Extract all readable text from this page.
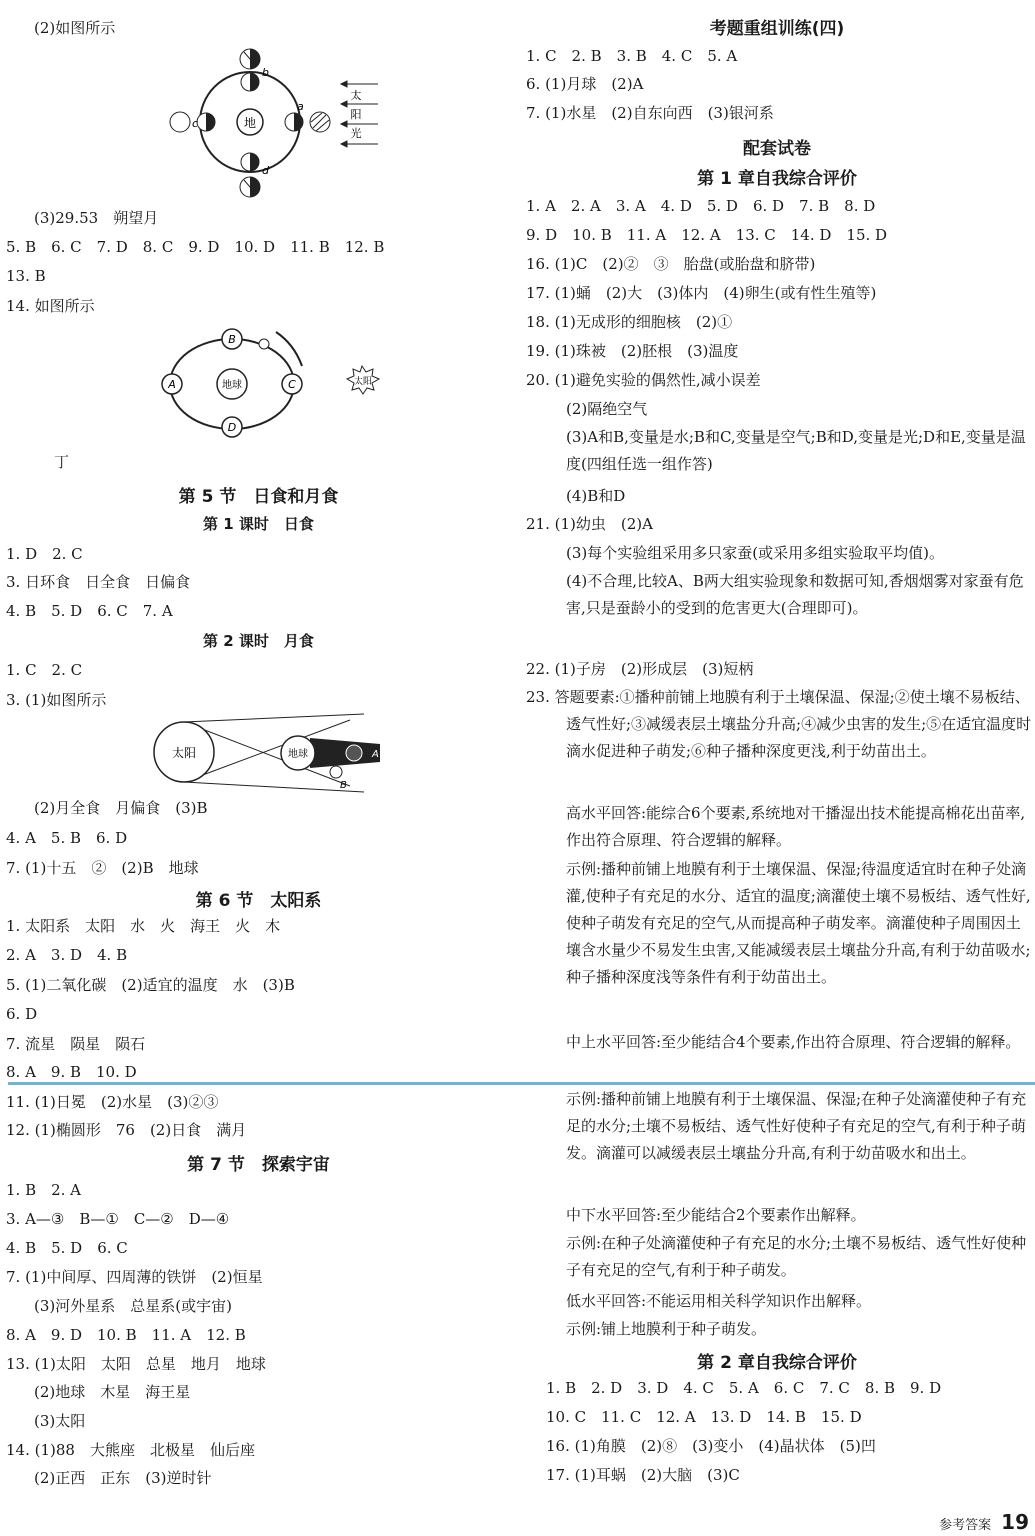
地
b
a
c
d
太
阳
光
地球
B
A	C
D
太阳
太阳	地球	A
B
第 5 节　日食和月食
第 1 课时　日食
第 2 课时　月食
第 6 节　太阳系
第 7 节　探索宇宙
(2)如图所示
(3)29.53　朔望月
5. B　6. C　7. D　8. C　9. D　10. D　11. B　12. B
13. B
14. 如图所示
丁
1. D　2. C
3. 日环食　日全食　日偏食
4. B　5. D　6. C　7. A
1. C　2. C
3. (1)如图所示
(2)月全食　月偏食　(3)B
4. A　5. B　6. D
7. (1)十五　②　(2)B　地球
1. 太阳系　太阳　水　火　海王　火　木
2. A　3. D　4. B
5. (1)二氧化碳　(2)适宜的温度　水　(3)B
6. D
7. 流星　陨星　陨石
8. A　9. B　10. D
11. (1)日冕　(2)水星　(3)②③
12. (1)椭圆形　76　(2)日食　满月
1. B　2. A
3. A—③　B—①　C—②　D—④
4. B　5. D　6. C
7. (1)中间厚、四周薄的铁饼　(2)恒星
(3)河外星系　总星系(或宇宙)
8. A　9. D　10. B　11. A　12. B
13. (1)太阳　太阳　总星　地月　地球
(2)地球　木星　海王星
(3)太阳
14. (1)88　大熊座　北极星　仙后座
(2)正西　正东　(3)逆时针
考题重组训练(四)
配套试卷
第 1 章自我综合评价
第 2 章自我综合评价
1. C　2. B　3. B　4. C　5. A
6. (1)月球　(2)A
7. (1)水星　(2)自东向西　(3)银河系
1. A　2. A　3. A　4. D　5. D　6. D　7. B　8. D
9. D　10. B　11. A　12. A　13. C　14. D　15. D
16. (1)C　(2)②　③　胎盘(或胎盘和脐带)
17. (1)蛹　(2)大　(3)体内　(4)卵生(或有性生殖等)
18. (1)无成形的细胞核　(2)①
19. (1)珠被　(2)胚根　(3)温度
20. (1)避免实验的偶然性,减小误差
(2)隔绝空气
(4)B和D
21. (1)幼虫　(2)A
(3)每个实验组采用多只家蚕(或采用多组实验取平均值)。
22. (1)子房　(2)形成层　(3)短柄
1. B　2. D　3. D　4. C　5. A　6. C　7. C　8. B　9. D
10. C　11. C　12. A　13. D　14. B　15. D
16. (1)角膜　(2)⑧　(3)变小　(4)晶状体　(5)凹
17. (1)耳蜗　(2)大脑　(3)C
(3)A和B,变量是水;B和C,变量是空气;B和D,变量是光;D和E,变量是温度(四组任选一组作答)
(4)不合理,比较A、B两大组实验现象和数据可知,香烟烟雾对家蚕有危害,只是蚕龄小的受到的危害更大(合理即可)。
23. 答题要素:①播种前铺上地膜有利于土壤保温、保湿;②使土壤不易板结、透气性好;③减缓表层土壤盐分升高;④减少虫害的发生;⑤在适宜温度时滴水促进种子萌发;⑥种子播种深度更浅,利于幼苗出土。
高水平回答:能综合6个要素,系统地对干播湿出技术能提高棉花出苗率,作出符合原理、符合逻辑的解释。
示例:播种前铺上地膜有利于土壤保温、保湿;待温度适宜时在种子处滴灌,使种子有充足的水分、适宜的温度;滴灌使土壤不易板结、透气性好,使种子萌发有充足的空气,从而提高种子萌发率。滴灌使种子周围因土壤含水量少不易发生虫害,又能减缓表层土壤盐分升高,有利于幼苗吸水;种子播种深度浅等条件有利于幼苗出土。
中上水平回答:至少能结合4个要素,作出符合原理、符合逻辑的解释。
示例:播种前铺上地膜有利于土壤保温、保湿;在种子处滴灌使种子有充足的水分;土壤不易板结、透气性好使种子有充足的空气,有利于种子萌发。滴灌可以减缓表层土壤盐分升高,有利于幼苗吸水和出土。
中下水平回答:至少能结合2个要素作出解释。
示例:在种子处滴灌使种子有充足的水分;土壤不易板结、透气性好使种子有充足的空气,有利于种子萌发。
低水平回答:不能运用相关科学知识作出解释。
示例:铺上地膜利于种子萌发。
参考答案 19
